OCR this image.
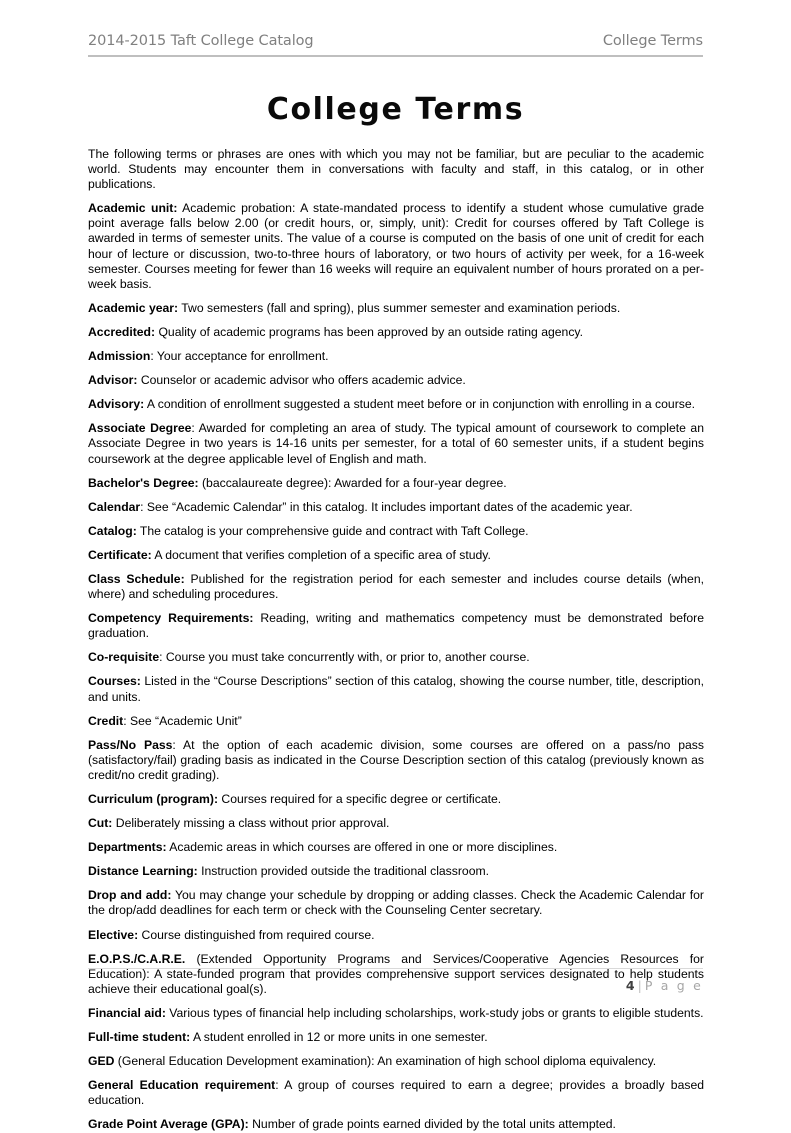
2014-2015 Taft College Catalog	College Terms
College Terms

The following terms or phrases are ones with which you may not be familiar, but are peculiar to the academic world. Students may encounter them in conversations with faculty and staff, in this catalog, or in other publications.

Academic unit: Academic probation: A state-mandated process to identify a student whose cumulative grade point average falls below 2.00 (or credit hours, or, simply, unit): Credit for courses offered by Taft College is awarded in terms of semester units. The value of a course is computed on the basis of one unit of credit for each hour of lecture or discussion, two-to-three hours of laboratory, or two hours of activity per week, for a 16-week semester. Courses meeting for fewer than 16 weeks will require an equivalent number of hours prorated on a per-week basis.

Academic year: Two semesters (fall and spring), plus summer semester and examination periods.

Accredited: Quality of academic programs has been approved by an outside rating agency.

Admission: Your acceptance for enrollment.

Advisor: Counselor or academic advisor who offers academic advice.

Advisory: A condition of enrollment suggested a student meet before or in conjunction with enrolling in a course.

Associate Degree: Awarded for completing an area of study. The typical amount of coursework to complete an Associate Degree in two years is 14-16 units per semester, for a total of 60 semester units, if a student begins coursework at the degree applicable level of English and math.

Bachelor's Degree: (baccalaureate degree): Awarded for a four-year degree.

Calendar: See “Academic Calendar” in this catalog. It includes important dates of the academic year.

Catalog: The catalog is your comprehensive guide and contract with Taft College.

Certificate: A document that verifies completion of a specific area of study.

Class Schedule: Published for the registration period for each semester and includes course details (when, where) and scheduling procedures.

Competency Requirements: Reading, writing and mathematics competency must be demonstrated before graduation.

Co-requisite: Course you must take concurrently with, or prior to, another course.

Courses: Listed in the “Course Descriptions” section of this catalog, showing the course number, title, description, and units.

Credit: See “Academic Unit”

Pass/No Pass: At the option of each academic division, some courses are offered on a pass/no pass (satisfactory/fail) grading basis as indicated in the Course Description section of this catalog (previously known as credit/no credit grading).

Curriculum (program): Courses required for a specific degree or certificate.

Cut: Deliberately missing a class without prior approval.

Departments: Academic areas in which courses are offered in one or more disciplines.

Distance Learning: Instruction provided outside the traditional classroom.

Drop and add: You may change your schedule by dropping or adding classes. Check the Academic Calendar for the drop/add deadlines for each term or check with the Counseling Center secretary.

Elective: Course distinguished from required course.

E.O.P.S./C.A.R.E. (Extended Opportunity Programs and Services/Cooperative Agencies Resources for Education): A state-funded program that provides comprehensive support services designated to help students achieve their educational goal(s).

Financial aid: Various types of financial help including scholarships, work-study jobs or grants to eligible students.

Full-time student: A student enrolled in 12 or more units in one semester.

GED (General Education Development examination): An examination of high school diploma equivalency.

General Education requirement: A group of courses required to earn a degree; provides a broadly based education.

Grade Point Average (GPA): Number of grade points earned divided by the total units attempted.

4 | P a g e
